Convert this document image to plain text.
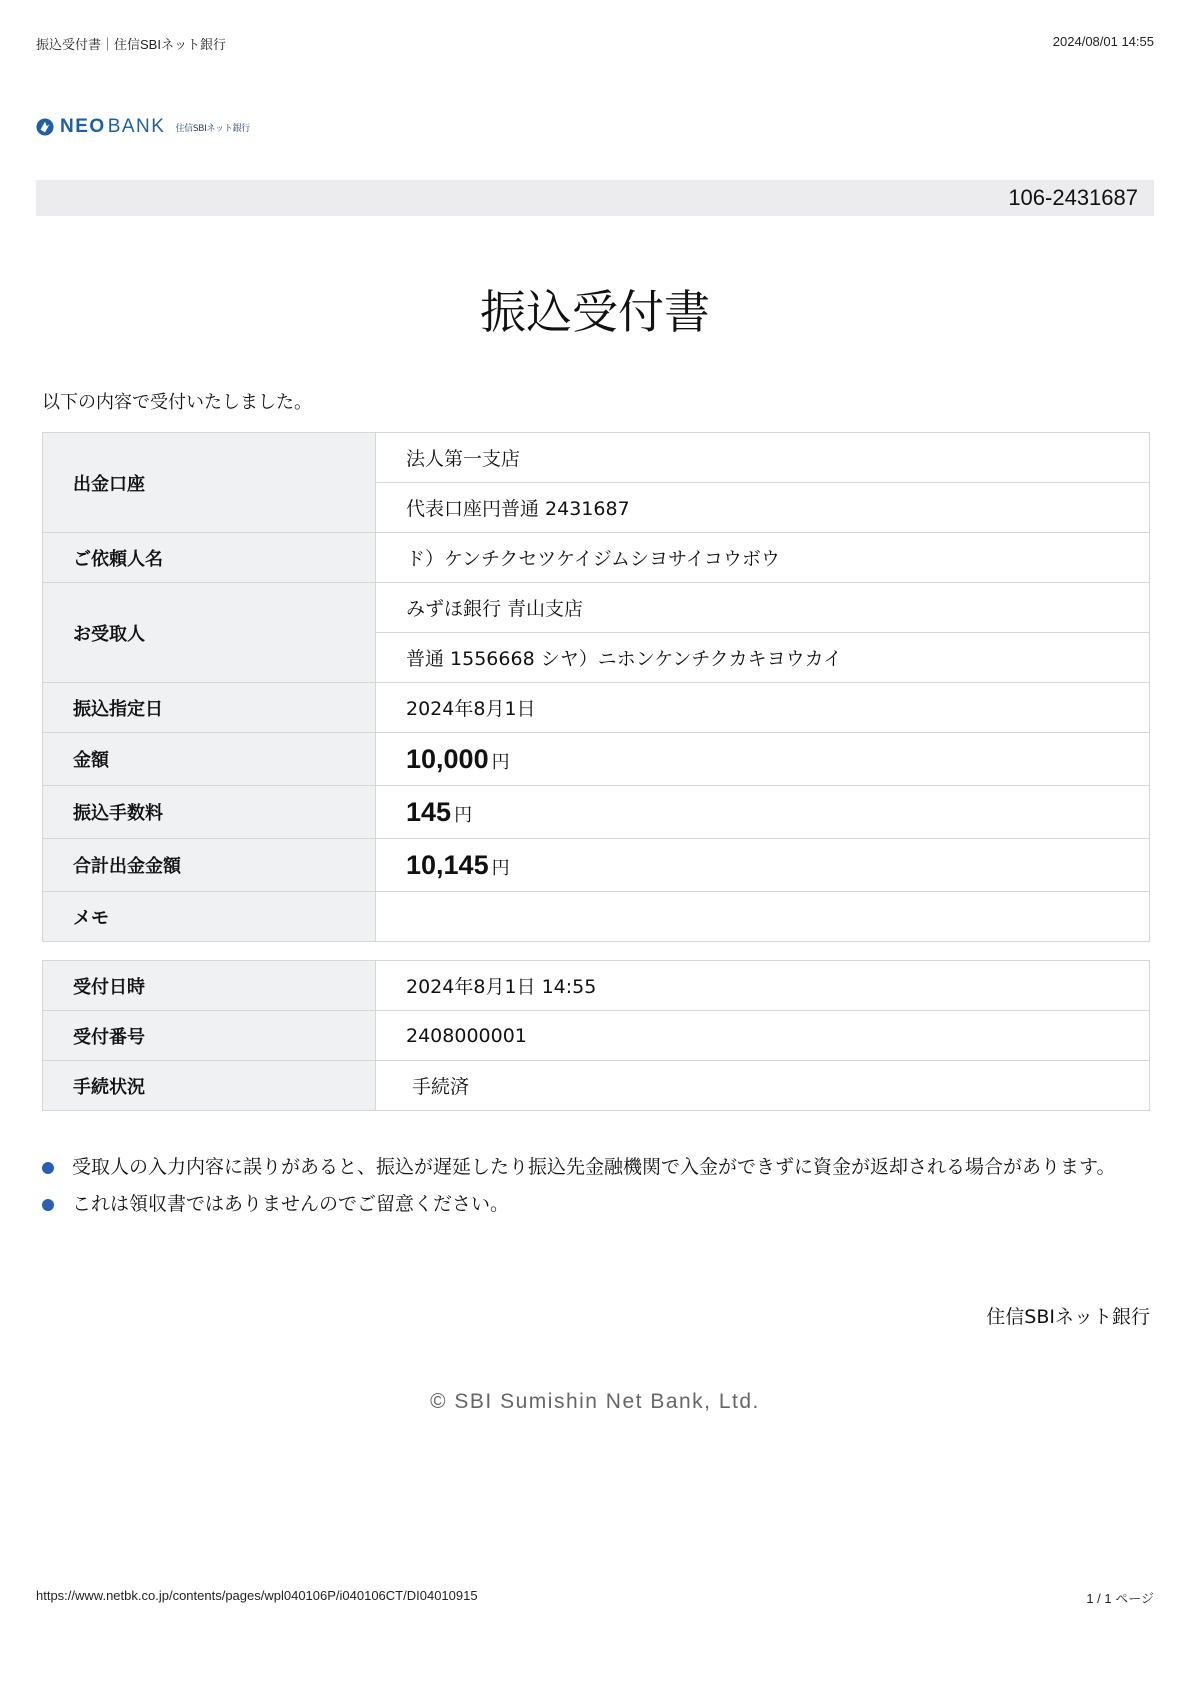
振込受付書｜住信SBIネット銀行	2024/08/01 14:55
NEO BANK 住信SBIネット銀行
106-2431687
振込受付書
以下の内容で受付いたしました。
出金口座	法人第一支店
	代表口座円普通 2431687
ご依頼人名	ド）ケンチクセツケイジムシヨサイコウボウ
お受取人	みずほ銀行 青山支店
	普通 1556668 シヤ）ニホンケンチクカキヨウカイ
振込指定日	2024年8月1日
金額	10,000 円
振込手数料	145 円
合計出金金額	10,145 円
メモ	
受付日時	2024年8月1日 14:55
受付番号	2408000001
手続状況	手続済
受取人の入力内容に誤りがあると、振込が遅延したり振込先金融機関で入金ができずに資金が返却される場合があります。
これは領収書ではありませんのでご留意ください。
住信SBIネット銀行
© SBI Sumishin Net Bank, Ltd.
https://www.netbk.co.jp/contents/pages/wpl040106P/i040106CT/DI04010915	1 / 1 ページ
